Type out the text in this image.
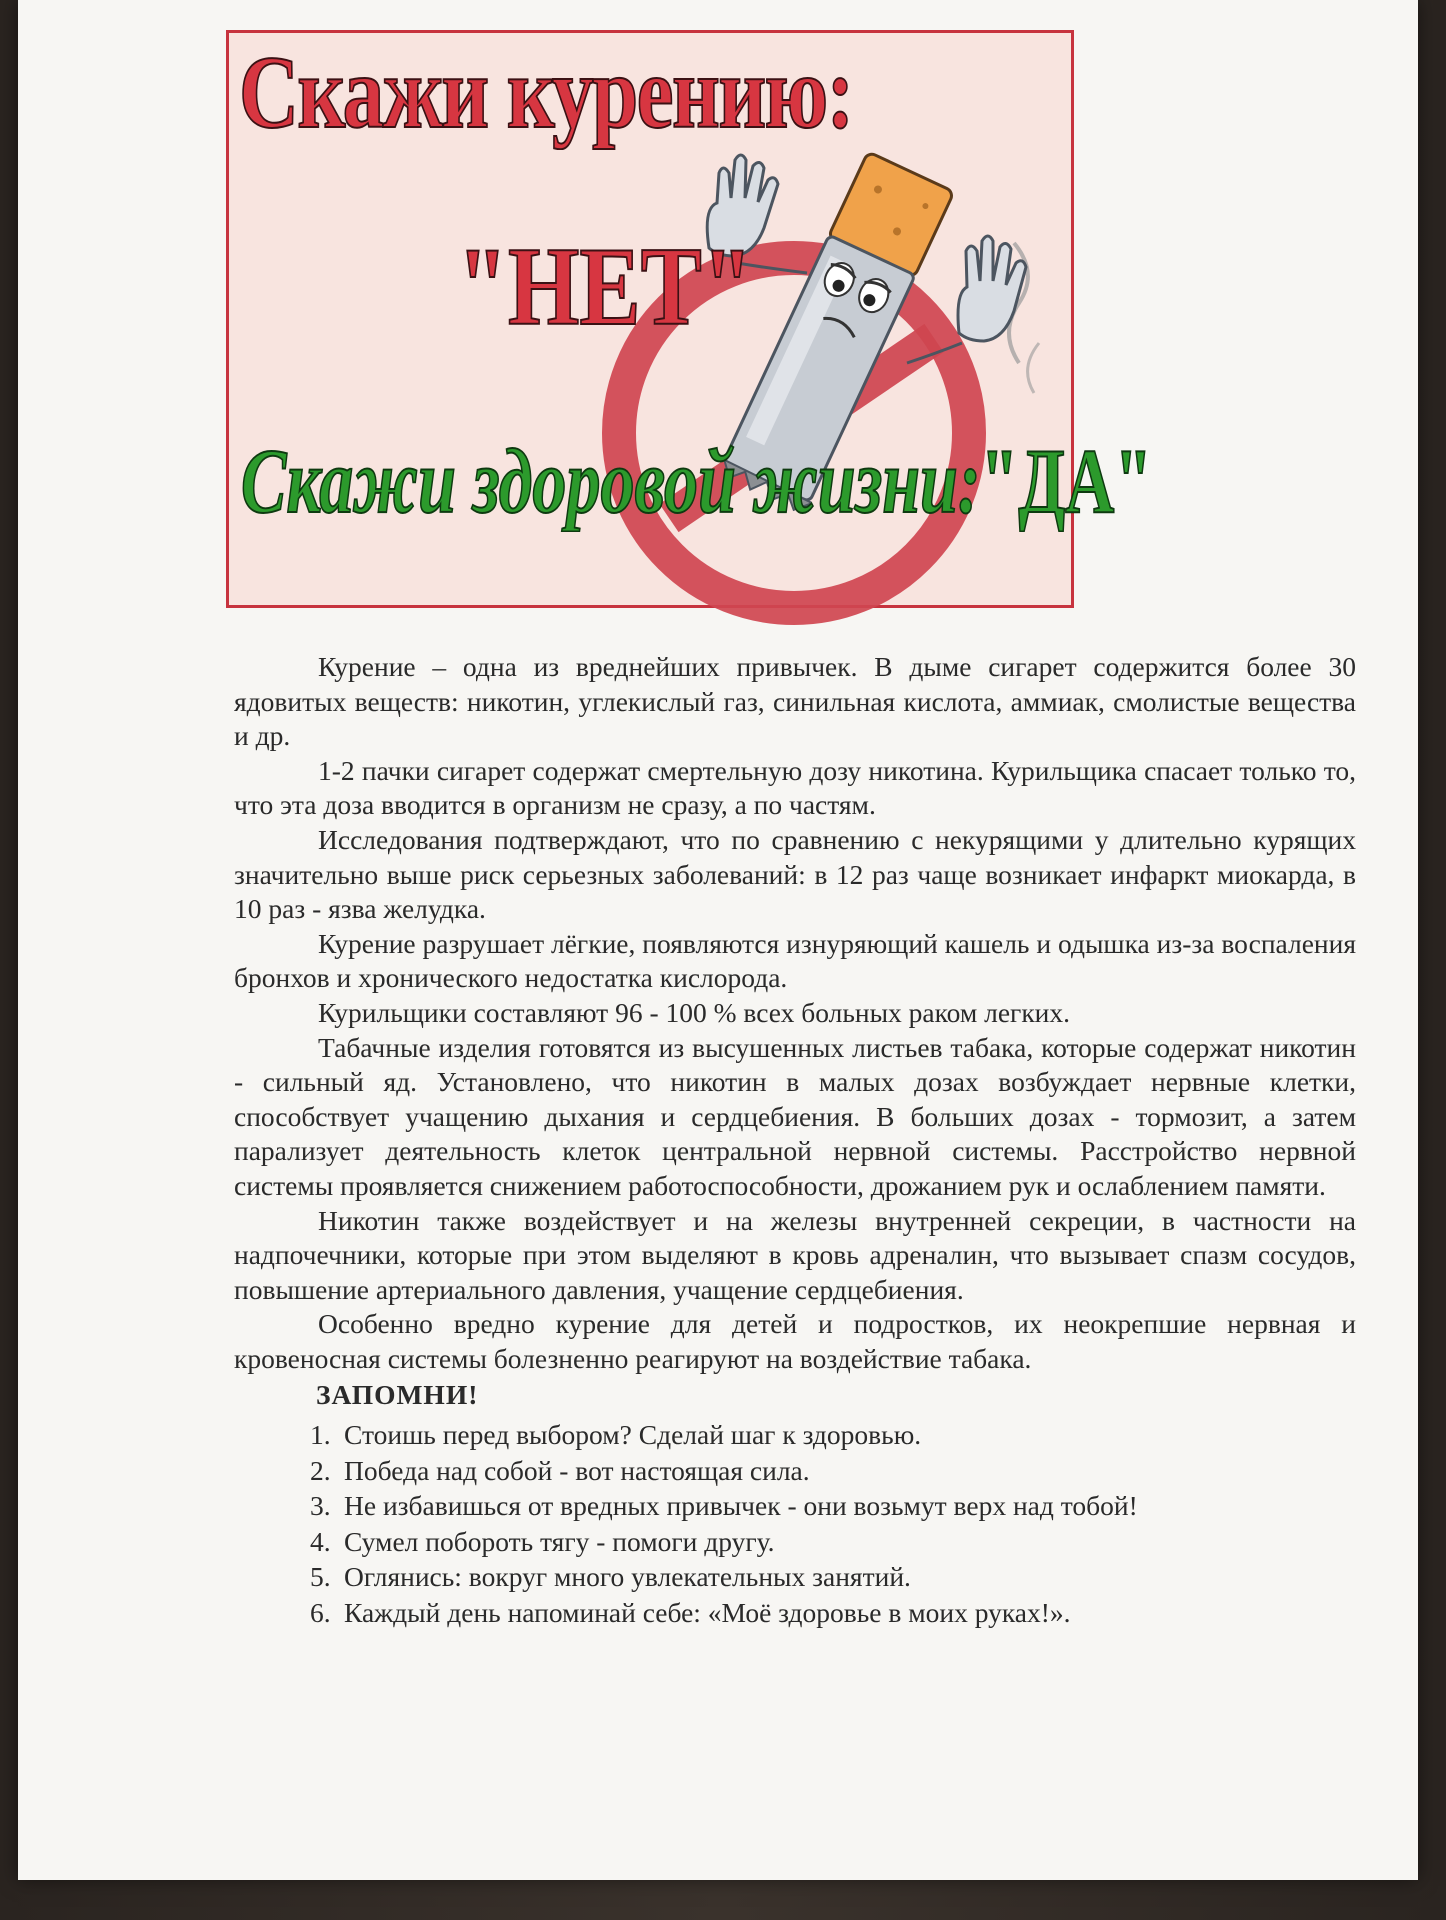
Скажи курению:
"НЕТ"
Скажи здоровой жизни:"ДА"

Курение – одна из вреднейших привычек. В дыме сигарет содержится более 30 ядовитых веществ: никотин, углекислый газ, синильная кислота, аммиак, смолистые вещества и др.

1-2 пачки сигарет содержат смертельную дозу никотина. Курильщика спасает только то, что эта доза вводится в организм не сразу, а по частям.

Исследования подтверждают, что по сравнению с некурящими у длительно курящих значительно выше риск серьезных заболеваний: в 12 раз чаще возникает инфаркт миокарда, в 10 раз - язва желудка.

Курение разрушает лёгкие, появляются изнуряющий кашель и одышка из-за воспаления бронхов и хронического недостатка кислорода.

Курильщики составляют 96 - 100 % всех больных раком легких.

Табачные изделия готовятся из высушенных листьев табака, которые содержат никотин - сильный яд. Установлено, что никотин в малых дозах возбуждает нервные клетки, способствует учащению дыхания и сердцебиения. В больших дозах - тормозит, а затем парализует деятельность клеток центральной нервной системы. Расстройство нервной системы проявляется снижением работоспособности, дрожанием рук и ослаблением памяти.

Никотин также воздействует и на железы внутренней секреции, в частности на надпочечники, которые при этом выделяют в кровь адреналин, что вызывает спазм сосудов, повышение артериального давления, учащение сердцебиения.

Особенно вредно курение для детей и подростков, их неокрепшие нервная и кровеносная системы болезненно реагируют на воздействие табака.

ЗАПОМНИ!
1. Стоишь перед выбором? Сделай шаг к здоровью.
2. Победа над собой - вот настоящая сила.
3. Не избавишься от вредных привычек - они возьмут верх над тобой!
4. Сумел побороть тягу - помоги другу.
5. Оглянись: вокруг много увлекательных занятий.
6. Каждый день напоминай себе: «Моё здоровье в моих руках!».
